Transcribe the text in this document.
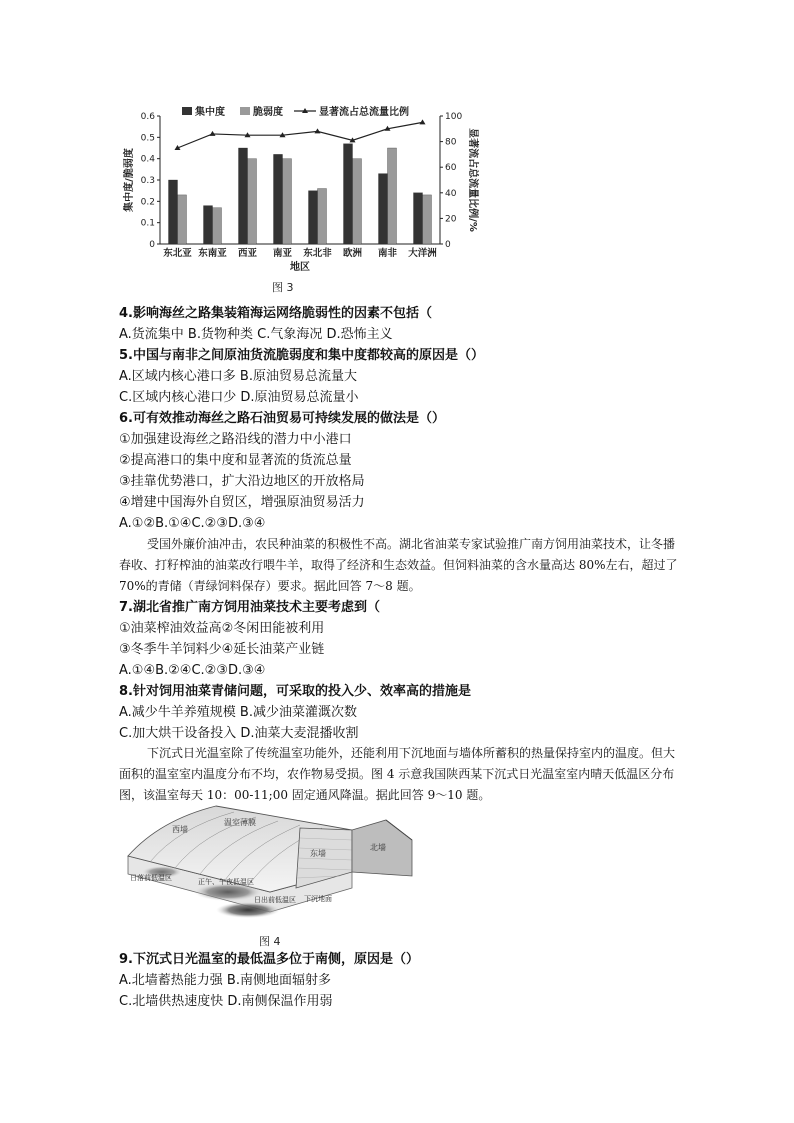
0
0.1
0.2
0.3
0.4
0.5
0.6
0
20
40
60
80
100
集中度/脆弱度	显著流占总流量比例/%
地区
东北亚 东南亚 西亚 南亚 东北非 欧洲 南非 大洋洲
集中度	脆弱度	显著流占总流量比例
图 3
4.影响海丝之路集装箱海运网络脆弱性的因素不包括（
A.货流集中 B.货物种类 C.气象海况 D.恐怖主义
5.中国与南非之间原油货流脆弱度和集中度都较高的原因是（）
A.区域内核心港口多 B.原油贸易总流量大
C.区域内核心港口少 D.原油贸易总流量小
6.可有效推动海丝之路石油贸易可持续发展的做法是（）
①加强建设海丝之路沿线的潜力中小港口
②提高港口的集中度和显著流的货流总量
③挂靠优势港口，扩大沿边地区的开放格局
④增建中国海外自贸区，增强原油贸易活力
A.①②B.①④C.②③D.③④
受国外廉价油冲击，农民种油菜的积极性不高。湖北省油菜专家试验推广南方饲用油菜技术，让冬播春收、打籽榨油的油菜改行喂牛羊，取得了经济和生态效益。但饲料油菜的含水量高达 80%左右，超过了 70%的青储（青绿饲料保存）要求。据此回答 7～8 题。
7.湖北省推广南方饲用油菜技术主要考虑到（
①油菜榨油效益高②冬闲田能被利用
③冬季牛羊饲料少④延长油菜产业链
A.①④B.②④C.②③D.③④
8.针对饲用油菜青储问题，可采取的投入少、效率高的措施是
A.减少牛羊养殖规模 B.减少油菜灌溉次数
C.加大烘干设备投入 D.油菜大麦混播收割
下沉式日光温室除了传统温室功能外，还能利用下沉地面与墙体所蓄积的热量保持室内的温度。但大面积的温室室内温度分布不均，农作物易受损。图 4 示意我国陕西某下沉式日光温室室内晴天低温区分布图，该温室每天 10：00-11;00 固定通风降温。据此回答 9～10 题。
西墙
温室薄膜
东墙
北墙
日落前低温区	正午、午夜低温区
日出前低温区 下沉地面
图 4
9.下沉式日光温室的最低温多位于南侧，原因是（）
A.北墙蓄热能力强 B.南侧地面辐射多
C.北墙供热速度快 D.南侧保温作用弱
